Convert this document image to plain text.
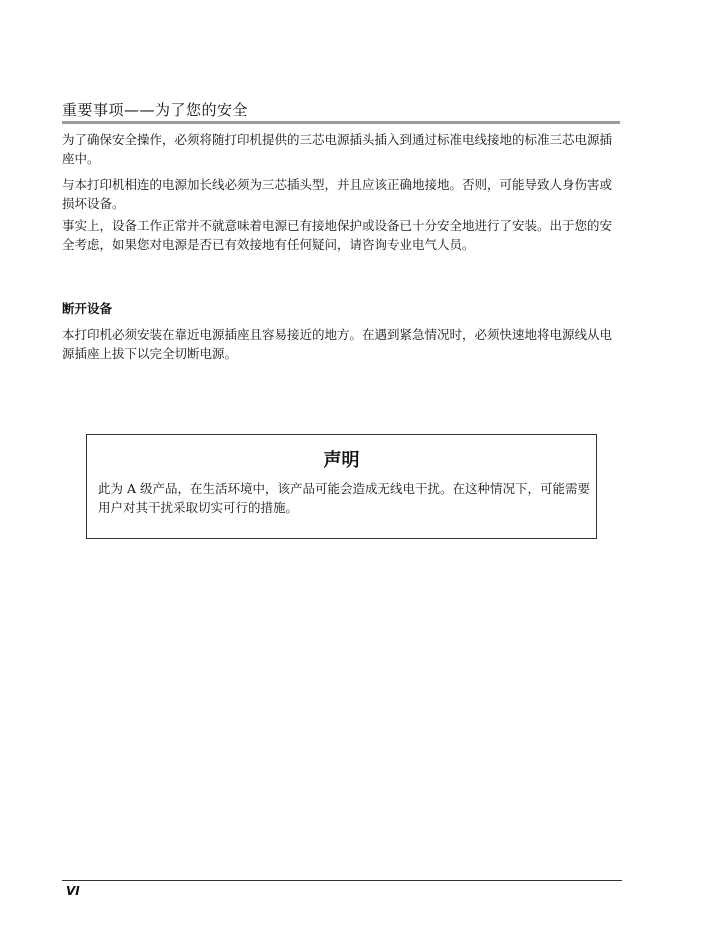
重要事项——为了您的安全

为了确保安全操作，必须将随打印机提供的三芯电源插头插入到通过标准电线接地的标准三芯电源插座中。

与本打印机相连的电源加长线必须为三芯插头型，并且应该正确地接地。否则，可能导致人身伤害或损坏设备。

事实上，设备工作正常并不就意味着电源已有接地保护或设备已十分安全地进行了安装。出于您的安全考虑，如果您对电源是否已有效接地有任何疑问，请咨询专业电气人员。

断开设备

本打印机必须安装在靠近电源插座且容易接近的地方。在遇到紧急情况时，必须快速地将电源线从电源插座上拔下以完全切断电源。

声明

此为 A 级产品，在生活环境中，该产品可能会造成无线电干扰。在这种情况下，可能需要用户对其干扰采取切实可行的措施。

VI
